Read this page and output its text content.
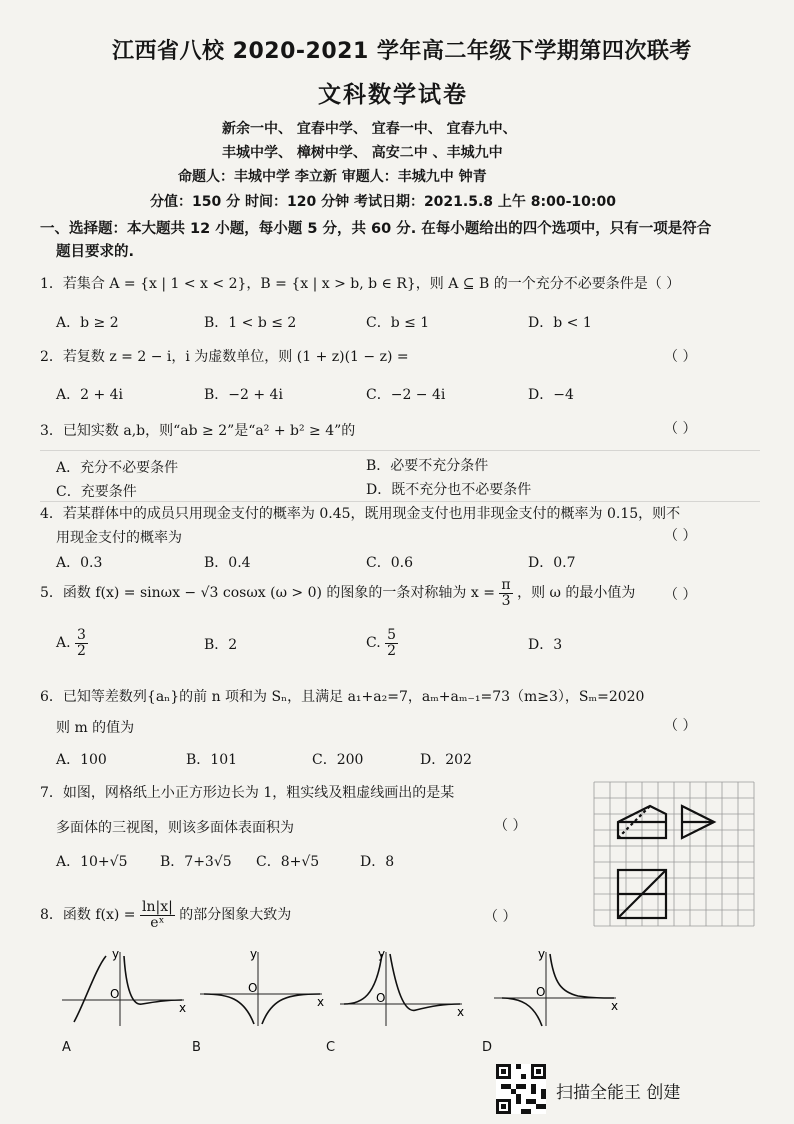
江西省八校 2020-2021 学年高二年级下学期第四次联考
文科数学试卷
新余一中、 宜春中学、 宜春一中、 宜春九中、
丰城中学、 樟树中学、 高安二中 、丰城九中
命题人：丰城中学 李立新 审题人：丰城九中 钟青
分值：150 分 时间：120 分钟 考试日期：2021.5.8 上午 8:00-10:00
一、选择题：本大题共 12 小题，每小题 5 分，共 60 分. 在每小题给出的四个选项中，只有一项是符合
题目要求的.
1．若集合 A = {x | 1 < x < 2}，B = {x | x > b, b ∈ R}，则 A ⊆ B 的一个充分不必要条件是（ ）
A．b ≥ 2	B．1 < b ≤ 2	C．b ≤ 1	D．b < 1
2．若复数 z = 2 − i，i 为虚数单位，则 (1 + z)(1 − z) =	（ ）
A．2 + 4i	B．−2 + 4i	C．−2 − 4i	D．−4
3．已知实数 a,b，则“ab ≥ 2”是“a² + b² ≥ 4”的	（ ）
A．充分不必要条件	B．必要不充分条件
C．充要条件	D．既不充分也不必要条件
4．若某群体中的成员只用现金支付的概率为 0.45，既用现金支付也用非现金支付的概率为 0.15，则不
用现金支付的概率为	（ ）
A．0.3	B．0.4	C．0.6	D．0.7
5．函数 f(x) = sinωx − √3 cosωx (ω > 0) 的图象的一条对称轴为 $x = \frac{\pi}{3}$ ，则 ω 的最小值为 （ ）
A. $\frac{3}{2}$	B．2	C. $\frac{5}{2}$	D．3
6．已知等差数列{aₙ}的前 n 项和为 Sₙ，且满足 a₁+a₂=7，aₘ+aₘ₋₁=73（m≥3），Sₘ=2020
则 m 的值为	（ ）
A．100	B．101	C．200	D．202
7．如图，网格纸上小正方形边长为 1，粗实线及粗虚线画出的是某
多面体的三视图，则该多面体表面积为	（ ）
A．10+√5 B．7+3√5 C．8+√5	D．8
8．函数 $f(x) = \frac{\ln|x|}{\text{eˣ}}$ 的部分图象大致为	（ ）
y
x
O
y
x
O
y
x
O
y
x
O
A	B	C	D
扫描全能王 创建
